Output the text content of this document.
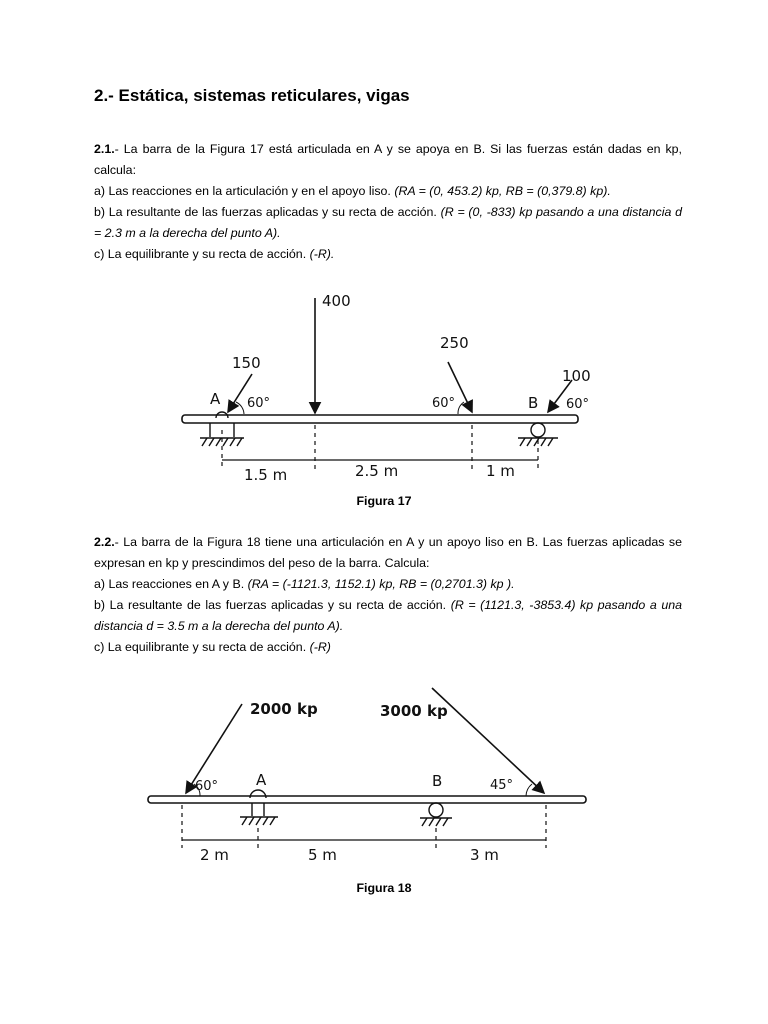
2.- Estática, sistemas reticulares, vigas

2.1.- La barra de la Figura 17 está articulada en A y se apoya en B. Si las fuerzas están dadas en kp, calcula:

a) Las reacciones en la articulación y en el apoyo liso. (RA = (0, 453.2) kp, RB = (0,379.8) kp).

b) La resultante de las fuerzas aplicadas y su recta de acción. (R = (0, -833) kp pasando a una distancia d = 2.3 m a la derecha del punto A).

c) La equilibrante y su recta de acción. (-R).

400
150
A 60°
250
60°
100
B 60°
1.5 m	2.5 m	1 m
Figura 17

2.2.- La barra de la Figura 18 tiene una articulación en A y un apoyo liso en B. Las fuerzas aplicadas se expresan en kp y prescindimos del peso de la barra. Calcula:

a) Las reacciones en A y B. (RA = (-1121.3, 1152.1) kp, RB = (0,2701.3) kp ).

b) La resultante de las fuerzas aplicadas y su recta de acción. (R = (1121.3, -3853.4) kp pasando a una distancia d = 3.5 m a la derecha del punto A).

c) La equilibrante y su recta de acción. (-R)

2000 kp
60°
3000 kp
45°
A	B
2 m	5 m	3 m
Figura 18
